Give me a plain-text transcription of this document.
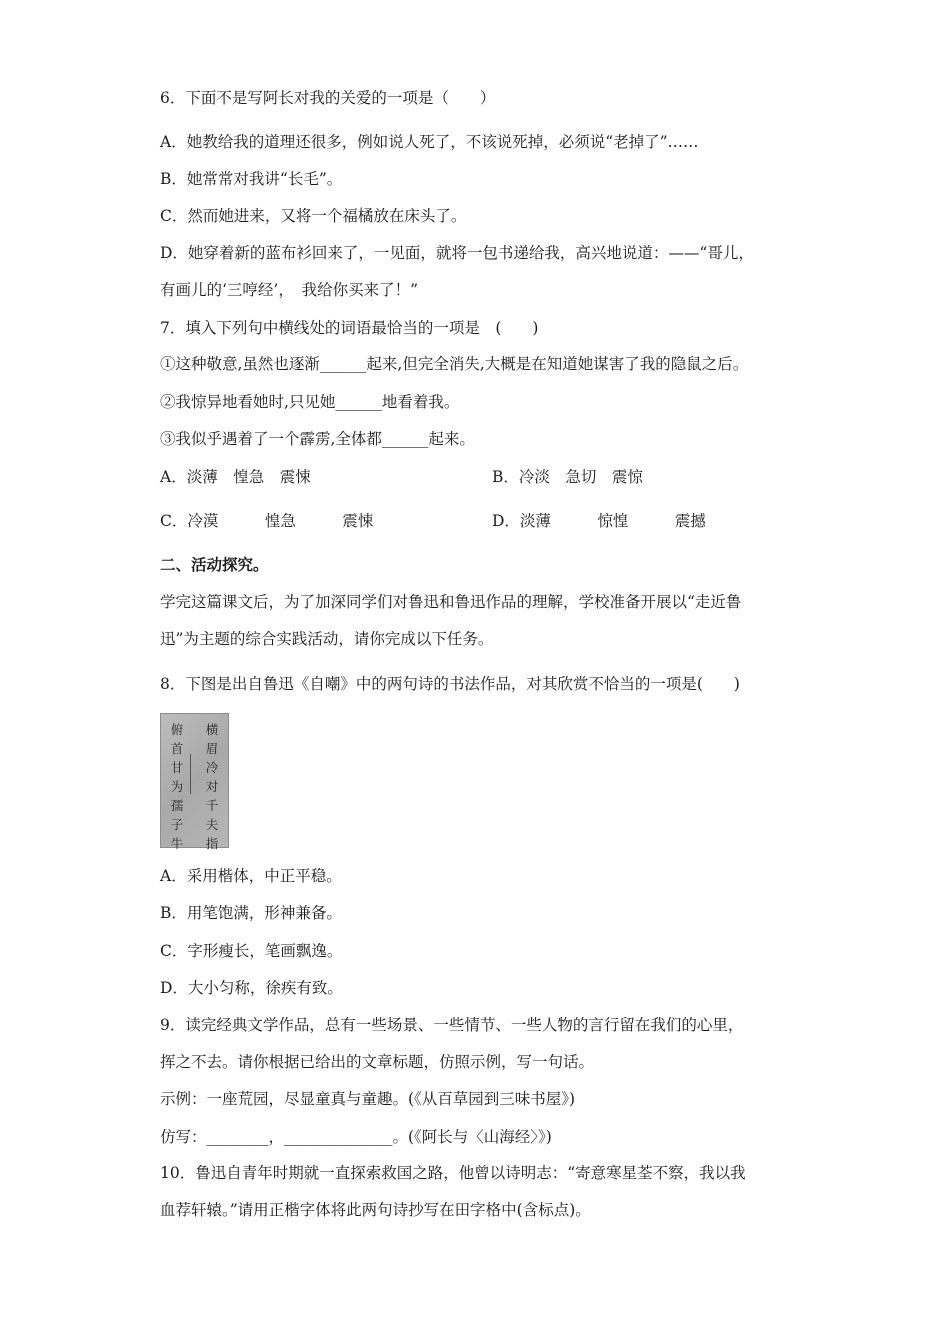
6．下面不是写阿长对我的关爱的一项是（　　）
A．她教给我的道理还很多，例如说人死了，不该说死掉，必须说“老掉了”……
B．她常常对我讲“长毛”。
C．然而她进来，又将一个福橘放在床头了。
D．她穿着新的蓝布衫回来了，一见面，就将一包书递给我，高兴地说道：——“哥儿，
有画儿的‘三哼经’，　我给你买来了！”
7．填入下列句中横线处的词语最恰当的一项是　(　　)
①这种敬意,虽然也逐渐______起来,但完全消失,大概是在知道她谋害了我的隐鼠之后。
②我惊异地看她时,只见她______地看着我。
③我似乎遇着了一个霹雳,全体都______起来。
A．淡薄　惶急　震悚	B．冷淡　急切　震惊
C．冷漠　　　惶急　　　震悚	D．淡薄　　　惊惶　　　震撼
二、活动探究。
学完这篇课文后，为了加深同学们对鲁迅和鲁迅作品的理解，学校准备开展以“走近鲁
迅”为主题的综合实践活动，请你完成以下任务。
8．下图是出自鲁迅《自嘲》中的两句诗的书法作品，对其欣赏不恰当的一项是(　　)
俯
首
甘
为
孺
子
牛
横
眉
冷
对
千
夫
指
A．采用楷体，中正平稳。
B．用笔饱满，形神兼备。
C．字形瘦长，笔画飘逸。
D．大小匀称，徐疾有致。
9．读完经典文学作品，总有一些场景、一些情节、一些人物的言行留在我们的心里，
挥之不去。请你根据已给出的文章标题，仿照示例，写一句话。
示例：一座荒园，尽显童真与童趣。(《从百草园到三味书屋》)
仿写：________，______________。(《阿长与〈山海经〉》)
10．鲁迅自青年时期就一直探索救国之路，他曾以诗明志：“寄意寒星荃不察，我以我
血荐轩辕。”请用正楷字体将此两句诗抄写在田字格中(含标点)。
